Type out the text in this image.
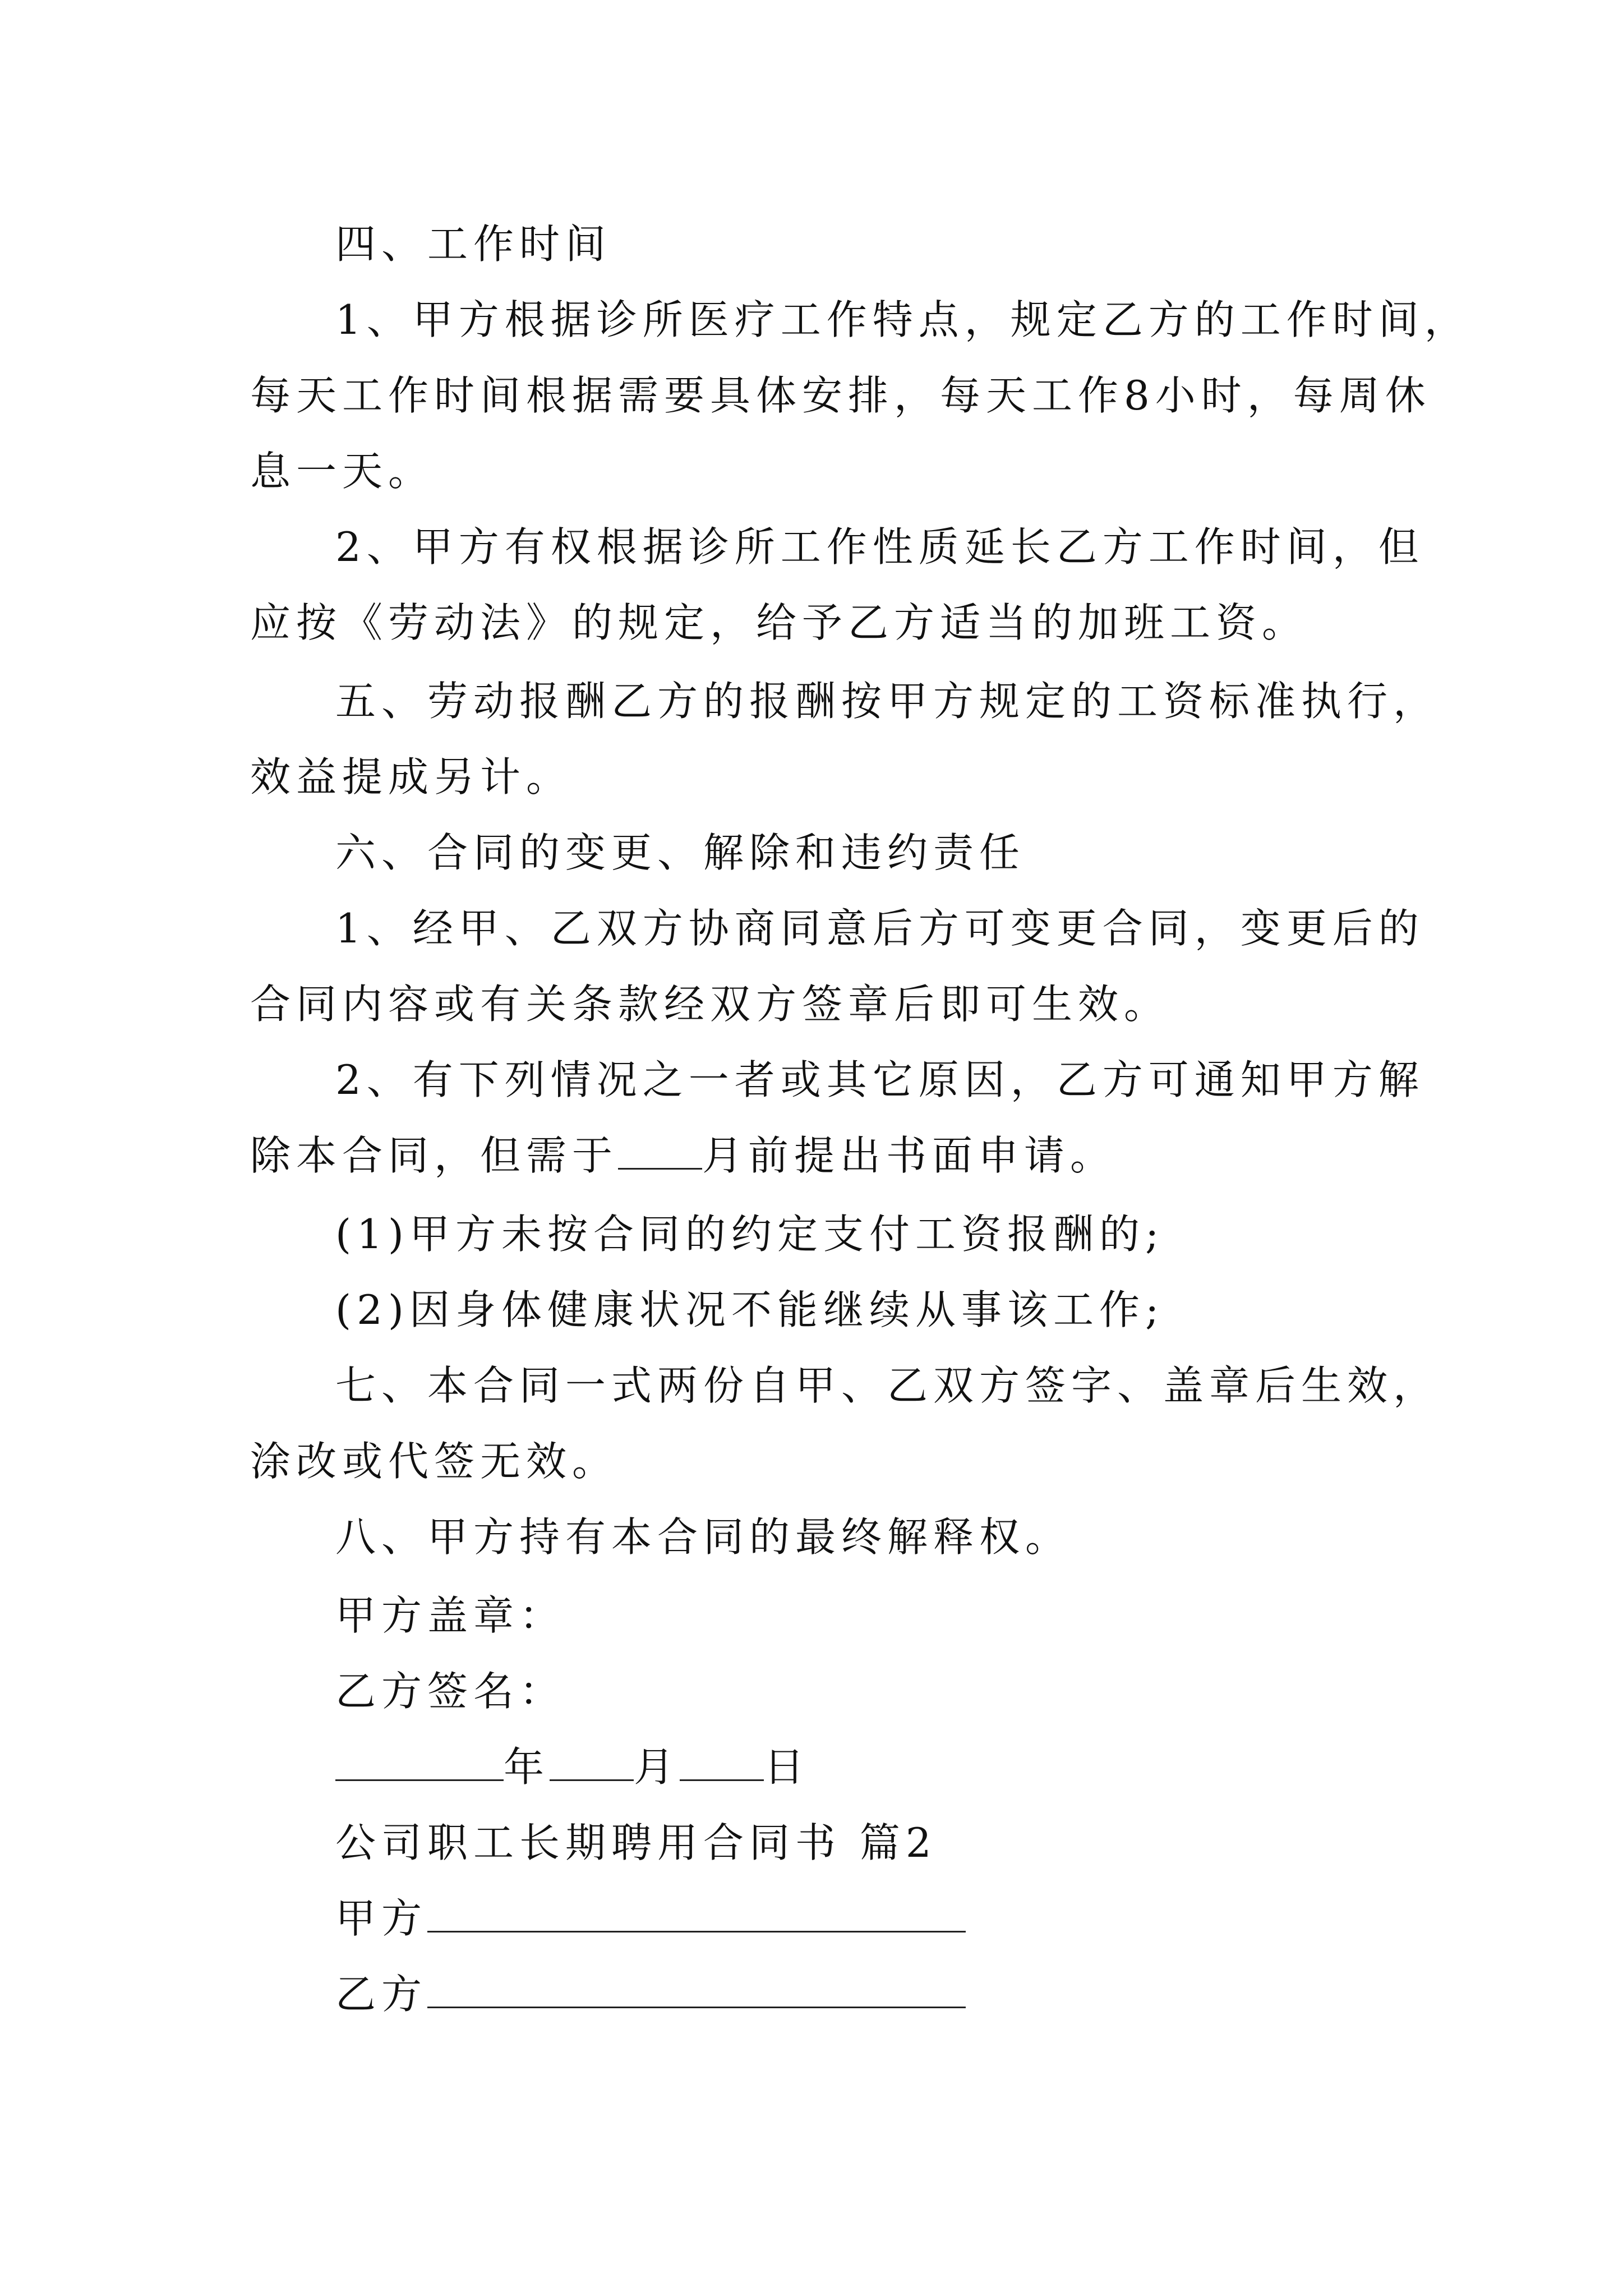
四、工作时间
1、甲方根据诊所医疗工作特点，规定乙方的工作时间，
每天工作时间根据需要具体安排，每天工作8小时，每周休
息一天。
2、甲方有权根据诊所工作性质延长乙方工作时间，但
应按《劳动法》的规定，给予乙方适当的加班工资。
五、劳动报酬乙方的报酬按甲方规定的工资标准执行，
效益提成另计。
六、合同的变更、解除和违约责任
1、经甲、乙双方协商同意后方可变更合同，变更后的
合同内容或有关条款经双方签章后即可生效。
2、有下列情况之一者或其它原因，乙方可通知甲方解
除本合同，但需于 月前提出书面申请。
(1)甲方未按合同的约定支付工资报酬的;
(2)因身体健康状况不能继续从事该工作;
七、本合同一式两份自甲、乙双方签字、盖章后生效，
涂改或代签无效。
八、甲方持有本合同的最终解释权。
甲方盖章：
乙方签名：
年 月 日
公司职工长期聘用合同书 篇2
甲方
乙方
